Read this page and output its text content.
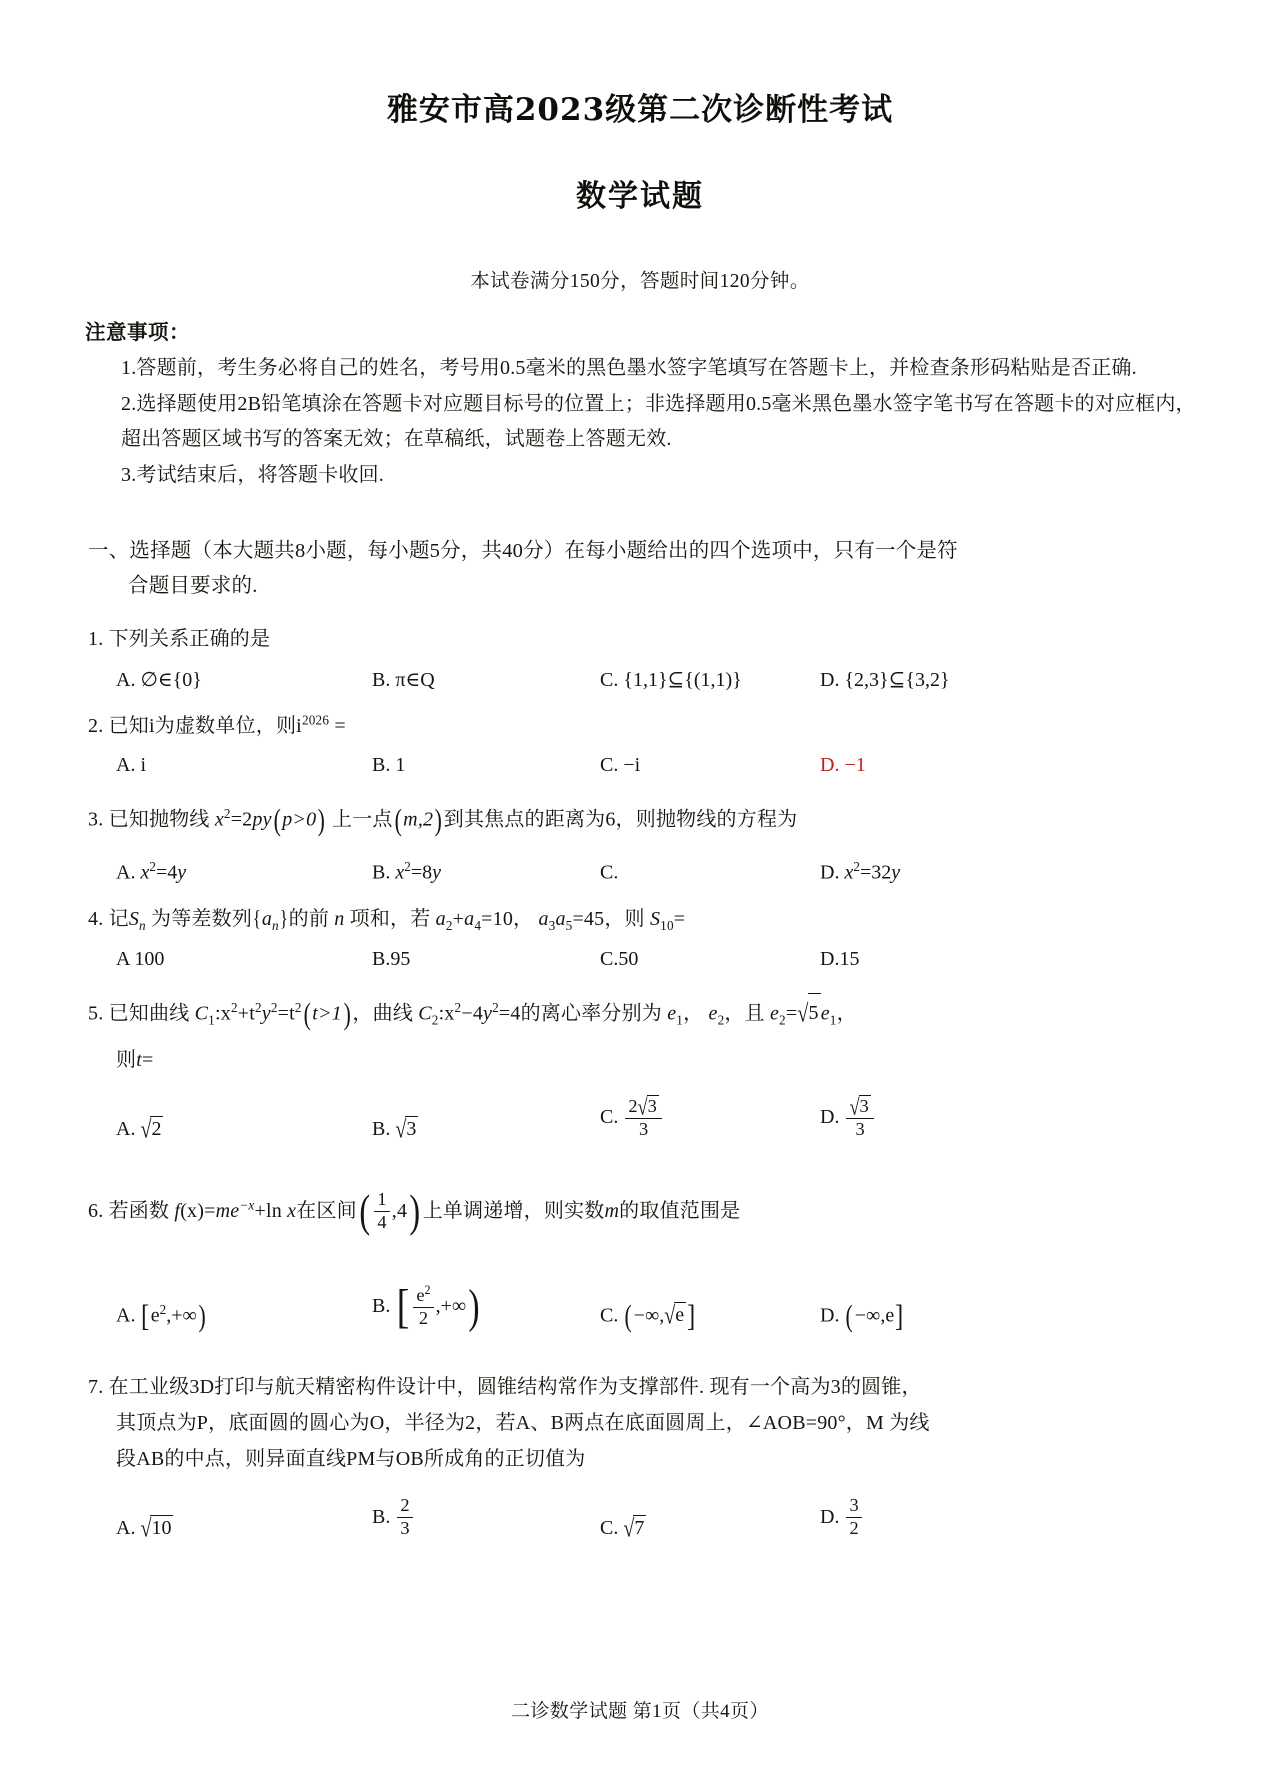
雅安市高2023级第二次诊断性考试
数学试题

本试卷满分150分，答题时间120分钟。

注意事项：

1.答题前，考生务必将自己的姓名，考号用0.5毫米的黑色墨水签字笔填写在答题卡上，并检查条形码粘贴是否正确.

2.选择题使用2B铅笔填涂在答题卡对应题目标号的位置上；非选择题用0.5毫米黑色墨水签字笔书写在答题卡的对应框内，超出答题区域书写的答案无效；在草稿纸，试题卷上答题无效.

3.考试结束后，将答题卡收回.

一、选择题（本大题共8小题，每小题5分，共40分）在每小题给出的四个选项中，只有一个是符
合题目要求的.

1. 下列关系正确的是

A. ∅∈{0}	B. π∈Q	C. {1,1}⊆{(1,1)}	D. {2,3}⊆{3,2}

2. 已知i为虚数单位，则$i^{2026}$ =

A. i	B. 1	C. −i	D. −1

3. 已知抛物线 $x^2=2py(p>0)$ 上一点(m,2)到其焦点的距离为6，则抛物线的方程为

A. $x^2=4y$	B. $x^2=8y$	C.	D. $x^2=32y$

4. 记$S_n$ 为等差数列$\{a_n\}$的前 n 项和，若 $a_2+a_4=10$， $a_3a_5=45$，则 $S_{10}=$

A 100	B.95	C.50	D.15

5. 已知曲线 $C_1:x^2+t^2y^2=t^2(t>1)$，曲线 $C_2:x^2-4y^2=4$的离心率分别为 $e_1$， $e_2$，且 $e_2=√5$ $e_1$，
则t=

A. √2	B. √3
C. $\frac{2√3}{3}$	D. $\frac{√3}{3}$

6. 若函数 $f(x)=me^{-x}+\ln$ x在区间( $\frac{1}{4} ,4$) 上单调递增，则实数m的取值范围是

A. $[e^2,+\infty)$	B. [ $\frac{e^2}{2}$ ,+∞)	C. (−∞,√e]	D. (−∞,e]

7. 在工业级3D打印与航天精密构件设计中，圆锥结构常作为支撑部件. 现有一个高为3的圆锥，
其顶点为P，底面圆的圆心为O，半径为2，若A、B两点在底面圆周上，∠AOB=90°，M 为线
段AB的中点，则异面直线PM与OB所成角的正切值为

A. √10	B. $\frac{2}{3}$	C. √7	D. $\frac{3}{2}$
二诊数学试题 第1页（共4页）
